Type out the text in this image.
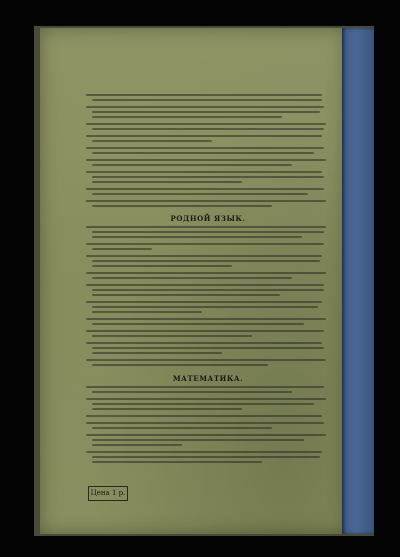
РОДНОЙ ЯЗЫК.
МАТЕМАТИКА.
Цена 1 р.
